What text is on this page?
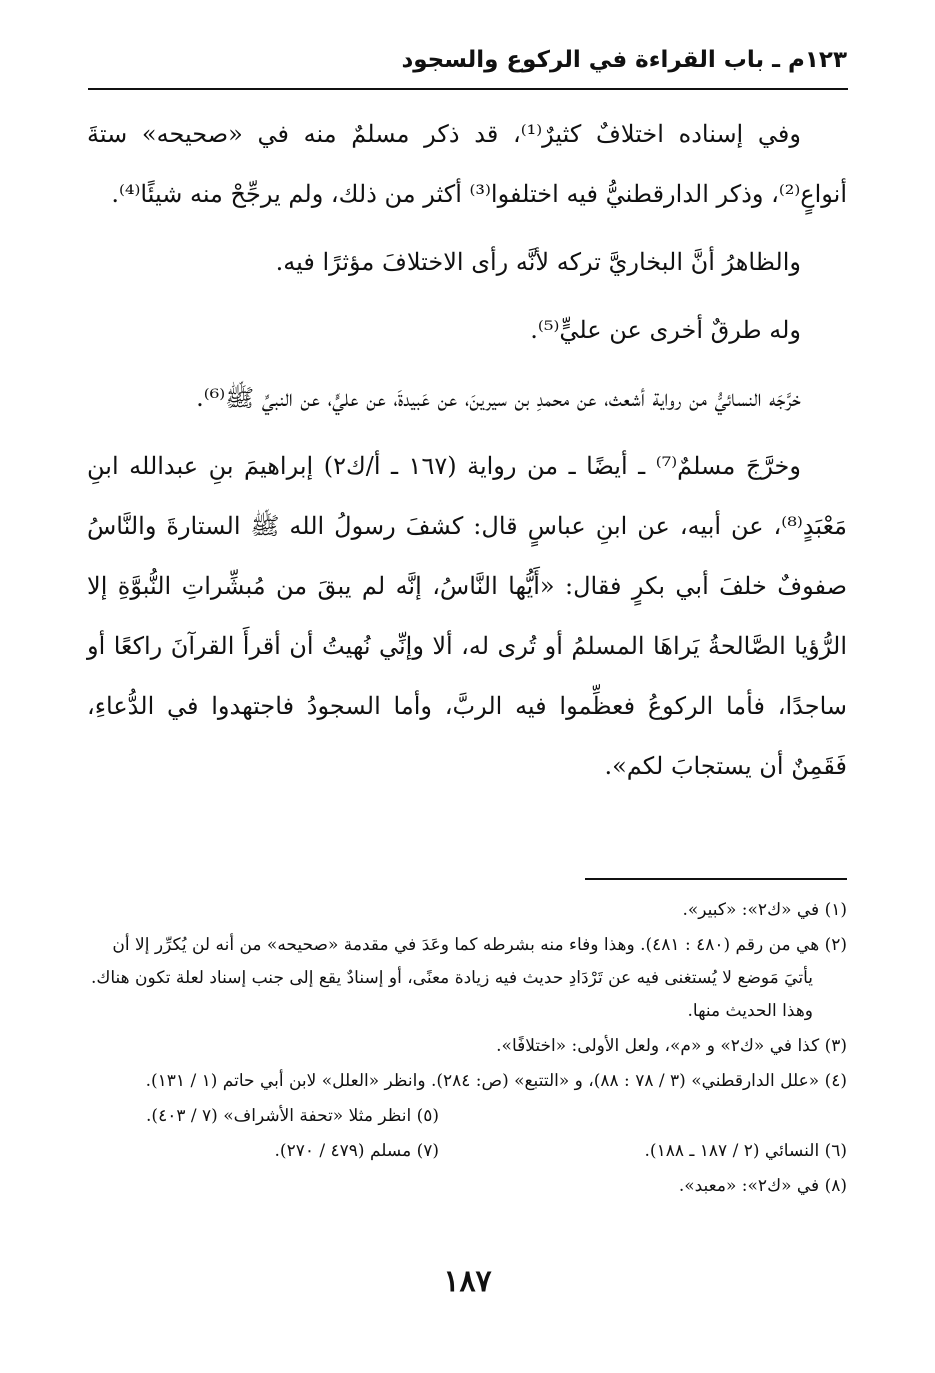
١٢٣م ـ باب القراءة في الركوع والسجود

وفي إسناده اختلافٌ كثيرٌ⁽¹⁾، قد ذكر مسلمٌ منه في «صحيحه» ستةَ أنواعٍ⁽²⁾، وذكر الدارقطنيُّ فيه اختلفوا⁽³⁾ أكثر من ذلك، ولم يرجِّحْ منه شيئًا⁽⁴⁾.

والظاهرُ أنَّ البخاريَّ تركه لأنَّه رأى الاختلافَ مؤثرًا فيه.

وله طرقٌ أخرى عن عليٍّ⁽⁵⁾.

خرَّجَه النسائيُّ من رواية أشعث، عن محمدِ بن سيرينَ، عن عَبيدةَ، عن عليٍّ، عن النبيِّ ﷺ⁽⁶⁾.

وخرَّجَ مسلمٌ⁽⁷⁾ ـ أيضًا ـ من رواية (١٦٧ ـ أ/ك٢) إبراهيمَ بنِ عبدالله ابنِ مَعْبَدٍ⁽⁸⁾، عن أبيه، عن ابنِ عباسٍ قال: كشفَ رسولُ الله ﷺ الستارةَ والنَّاسُ صفوفٌ خلفَ أبي بكرٍ فقال: «أَيُّها النَّاسُ، إنَّه لم يبقَ من مُبشِّراتِ النُّبوَّةِ إلا الرُّؤيا الصَّالحةُ يَراهَا المسلمُ أو تُرى له، ألا وإنِّي نُهيتُ أن أقرأَ القرآنَ راكعًا أو ساجدًا، فأما الركوعُ فعظِّموا فيه الربَّ، وأما السجودُ فاجتهدوا في الدُّعاءِ، فَقَمِنٌ أن يستجابَ لكم».

(١) في «ك٢»: «كبير».

(٢) هي من رقم (٤٨٠ : ٤٨١). وهذا وفاء منه بشرطه كما وعَدَ في مقدمة «صحيحه» من أنه لن يُكرِّر إلا أن يأتيَ مَوضع لا يُستغنى فيه عن تَرْدَادِ حديث فيه زيادة معنًى، أو إسنادٌ يقع إلى جنب إسناد لعلة تكون هناك. وهذا الحديث منها.

(٣) كذا في «ك٢» و «م»، ولعل الأولى: «اختلافًا».

(٤) «علل الدارقطني» (٣ / ٧٨ : ٨٨)، و «التتبع» (ص: ٢٨٤). وانظر «العلل» لابن أبي حاتم (١ / ١٣١).

(٥) انظر مثلا «تحفة الأشراف» (٧ / ٤٠٣).
(٦) النسائي (٢ / ١٨٧ ـ ١٨٨).
(٧) مسلم (٤٧٩ / ٢٧٠).

(٨) في «ك٢»: «معبد».

١٨٧
